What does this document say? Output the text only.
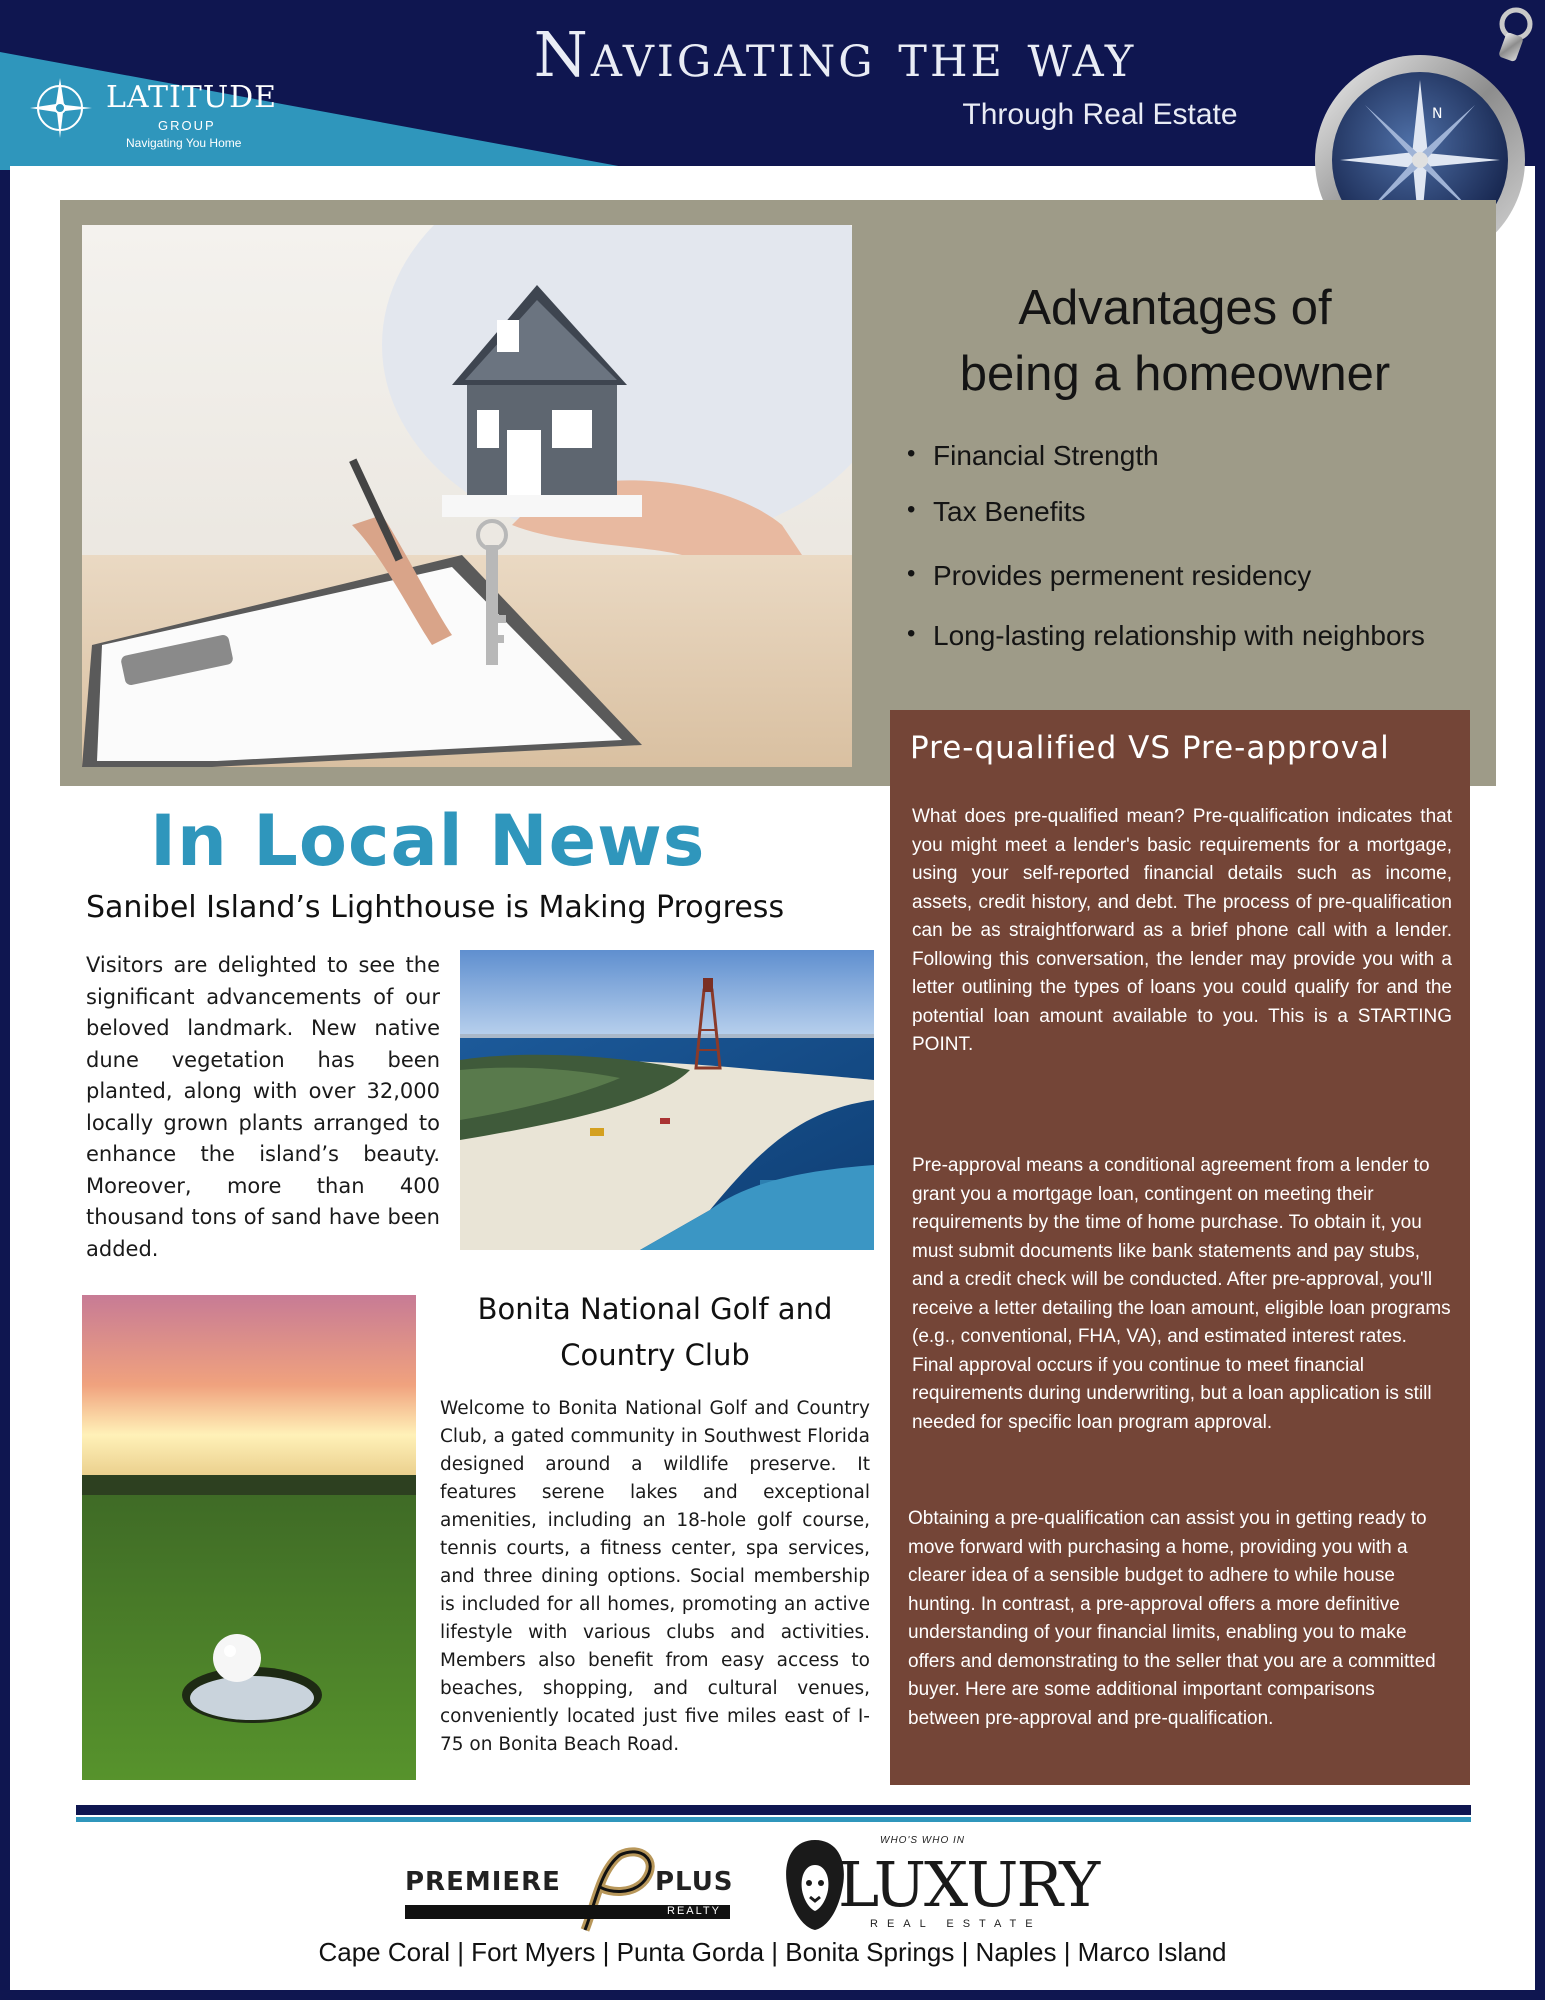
Navigating the way
Through Real Estate
LATITUDE
GROUP
Navigating You Home
N
Advantages of
being a homeowner
• Financial Strength
• Tax Benefits
• Provides permenent residency
• Long-lasting relationship with neighbors
Pre-qualified VS Pre-approval

What does pre-qualified mean? Pre-qualification indicates that you might meet a lender's basic requirements for a mortgage, using your self-reported financial details such as income, assets, credit history, and debt. The process of pre-qualification can be as straightforward as a brief phone call with a lender. Following this conversation, the lender may provide you with a letter outlining the types of loans you could qualify for and the potential loan amount available to you. This is a STARTING POINT.

Pre-approval means a conditional agreement from a lender to grant you a mortgage loan, contingent on meeting their requirements by the time of home purchase. To obtain it, you must submit documents like bank statements and pay stubs, and a credit check will be conducted. After pre-approval, you'll receive a letter detailing the loan amount, eligible loan programs (e.g., conventional, FHA, VA), and estimated interest rates. Final approval occurs if you continue to meet financial requirements during underwriting, but a loan application is still needed for specific loan program approval.

Obtaining a pre-qualification can assist you in getting ready to move forward with purchasing a home, providing you with a clearer idea of a sensible budget to adhere to while house hunting. In contrast, a pre-approval offers a more definitive understanding of your financial limits, enabling you to make offers and demonstrating to the seller that you are a committed buyer. Here are some additional important comparisons between pre-approval and pre-qualification.

In Local News
Sanibel Island’s Lighthouse is Making Progress
Visitors are delighted to see the significant advancements of our beloved landmark. New native dune vegetation has been planted, along with over 32,000 locally grown plants arranged to enhance the island’s beauty. Moreover, more than 400 thousand tons of sand have been added.
Bonita National Golf and
Country Club
Welcome to Bonita National Golf and Country Club, a gated community in Southwest Florida designed around a wildlife preserve. It features serene lakes and exceptional amenities, including an 18-hole golf course, tennis courts, a fitness center, spa services, and three dining options. Social membership is included for all homes, promoting an active lifestyle with various clubs and activities. Members also benefit from easy access to beaches, shopping, and cultural venues, conveniently located just five miles east of I-75 on Bonita Beach Road.
PREMIERE	PLUS
REALTY
WHO'S WHO IN
LUXURY
REAL ESTATE
Cape Coral | Fort Myers | Punta Gorda | Bonita Springs | Naples | Marco Island
